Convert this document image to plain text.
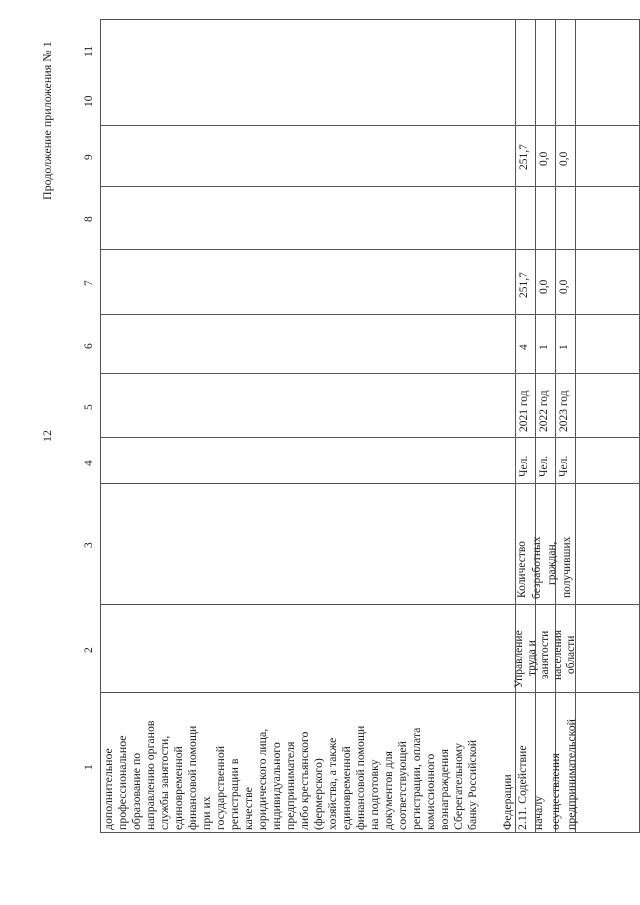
Продолжение приложения № 1
12
1
2
3
4
5
6
7
8
9
10
11
дополнительное профессиональное образование по направлению органов службы занятости, единовременной финансовой помощи при их государственной регистрации в качестве юридического лица, индивидуального предпринимателя либо крестьянского (фермерского) хозяйства, а также единовременной финансовой помощи на подготовку документов для соответствующей регистрации, оплата комиссионного вознаграждения Сберегательному банку Российской Федерации 2.11. Содействие началу осуществления предпринимательской
Управление труда и занятости населения области
Количество безработных граждан, получивших
Чел. Чел. Чел.
2021 год 2022 год 2023 год
4 1 1
251,7 0,0 0,0
251,7 0,0 0,0
